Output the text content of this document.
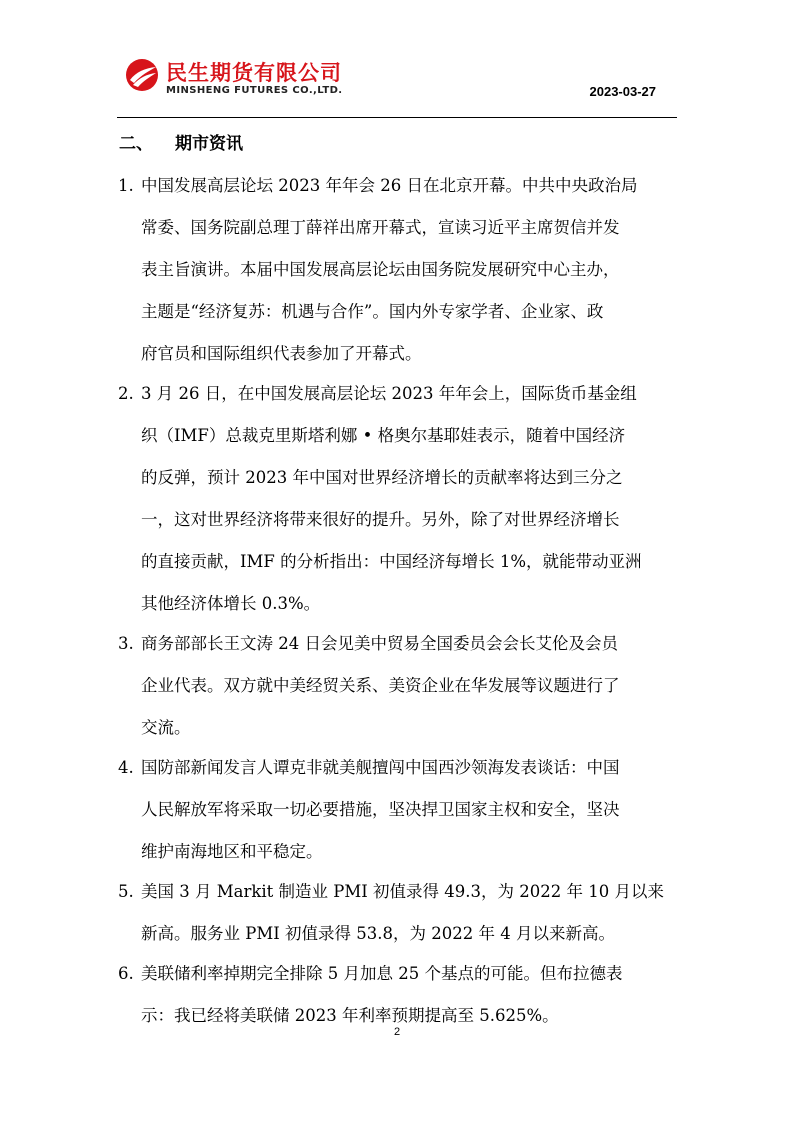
民生期货有限公司
MINSHENG FUTURES CO.,LTD.	2023-03-27
二、 期市资讯
1. 中国发展高层论坛 2023 年年会 26 日在北京开幕。中共中央政治局
常委、国务院副总理丁薛祥出席开幕式，宣读习近平主席贺信并发
表主旨演讲。本届中国发展高层论坛由国务院发展研究中心主办，
主题是“经济复苏：机遇与合作”。国内外专家学者、企业家、政
府官员和国际组织代表参加了开幕式。
2. 3 月 26 日，在中国发展高层论坛 2023 年年会上，国际货币基金组
织（IMF）总裁克里斯塔利娜 • 格奥尔基耶娃表示，随着中国经济
的反弹，预计 2023 年中国对世界经济增长的贡献率将达到三分之
一，这对世界经济将带来很好的提升。另外，除了对世界经济增长
的直接贡献，IMF 的分析指出：中国经济每增长 1%，就能带动亚洲
其他经济体增长 0.3%。
3. 商务部部长王文涛 24 日会见美中贸易全国委员会会长艾伦及会员
企业代表。双方就中美经贸关系、美资企业在华发展等议题进行了
交流。
4. 国防部新闻发言人谭克非就美舰擅闯中国西沙领海发表谈话：中国
人民解放军将采取一切必要措施，坚决捍卫国家主权和安全，坚决
维护南海地区和平稳定。
5. 美国 3 月 Markit 制造业 PMI 初值录得 49.3，为 2022 年 10 月以来
新高。服务业 PMI 初值录得 53.8，为 2022 年 4 月以来新高。
6. 美联储利率掉期完全排除 5 月加息 25 个基点的可能。但布拉德表
示：我已经将美联储 2023 年利率预期提高至 5.625%。
2
